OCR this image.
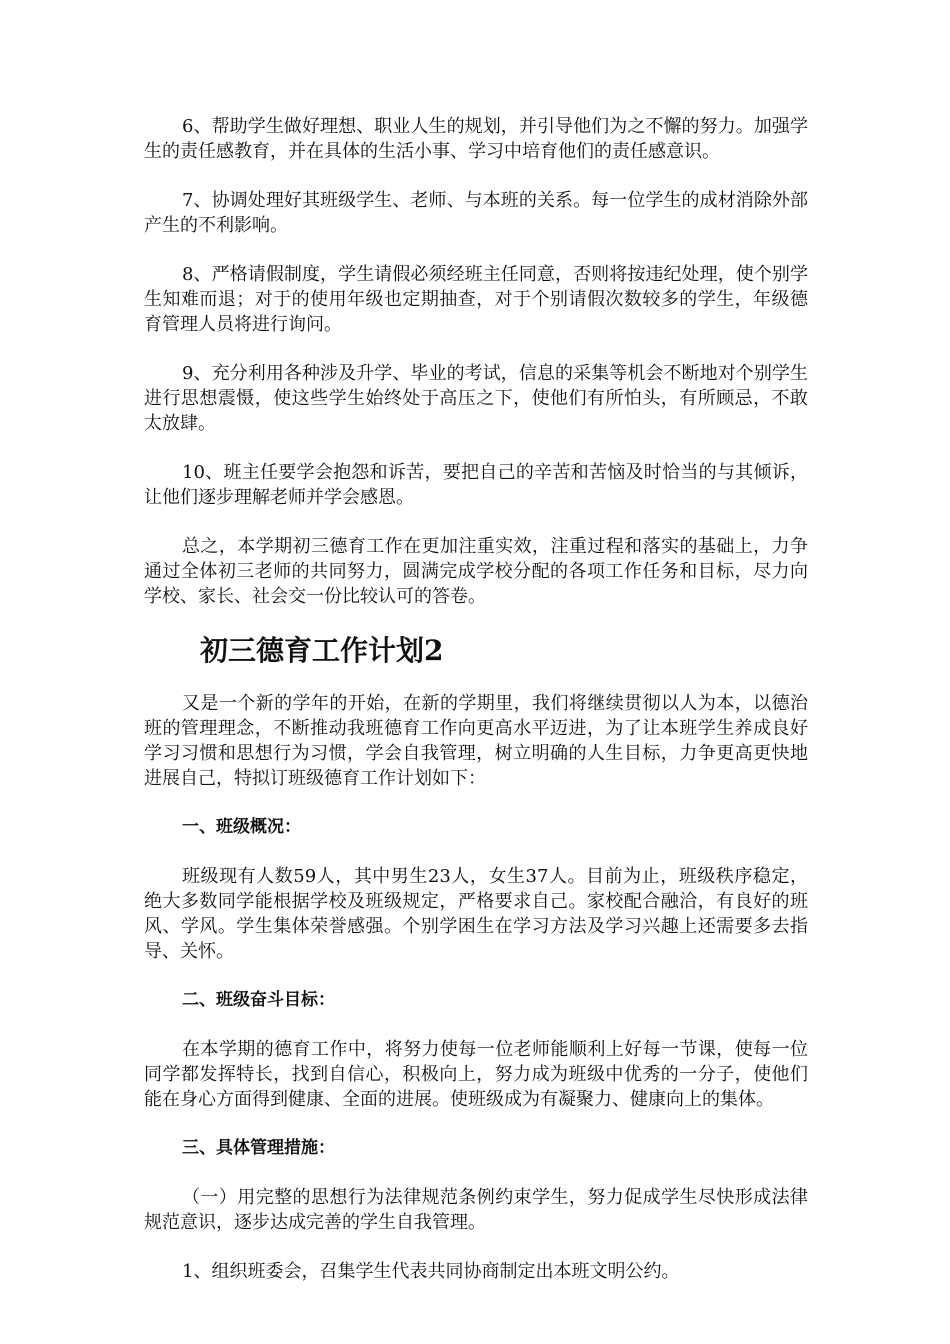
6、帮助学生做好理想、职业人生的规划，并引导他们为之不懈的努力。加强学生的责任感教育，并在具体的生活小事、学习中培育他们的责任感意识。

7、协调处理好其班级学生、老师、与本班的关系。每一位学生的成材消除外部产生的不利影响。

8、严格请假制度，学生请假必须经班主任同意，否则将按违纪处理，使个别学生知难而退；对于的使用年级也定期抽查，对于个别请假次数较多的学生，年级德育管理人员将进行询问。

9、充分利用各种涉及升学、毕业的考试，信息的采集等机会不断地对个别学生进行思想震慑，使这些学生始终处于高压之下，使他们有所怕头，有所顾忌，不敢太放肆。

10、班主任要学会抱怨和诉苦，要把自己的辛苦和苦恼及时恰当的与其倾诉，让他们逐步理解老师并学会感恩。

总之，本学期初三德育工作在更加注重实效，注重过程和落实的基础上，力争通过全体初三老师的共同努力，圆满完成学校分配的各项工作任务和目标，尽力向学校、家长、社会交一份比较认可的答卷。

初三德育工作计划2

又是一个新的学年的开始，在新的学期里，我们将继续贯彻以人为本，以德治班的管理理念，不断推动我班德育工作向更高水平迈进，为了让本班学生养成良好学习习惯和思想行为习惯，学会自我管理，树立明确的人生目标，力争更高更快地进展自己，特拟订班级德育工作计划如下：

一、班级概况：

班级现有人数59人，其中男生23人，女生37人。目前为止，班级秩序稳定，绝大多数同学能根据学校及班级规定，严格要求自己。家校配合融洽，有良好的班风、学风。学生集体荣誉感强。个别学困生在学习方法及学习兴趣上还需要多去指导、关怀。

二、班级奋斗目标：

在本学期的德育工作中，将努力使每一位老师能顺利上好每一节课，使每一位同学都发挥特长，找到自信心，积极向上，努力成为班级中优秀的一分子，使他们能在身心方面得到健康、全面的进展。使班级成为有凝聚力、健康向上的集体。

三、具体管理措施：

（一）用完整的思想行为法律规范条例约束学生，努力促成学生尽快形成法律规范意识，逐步达成完善的学生自我管理。

1、组织班委会，召集学生代表共同协商制定出本班文明公约。
